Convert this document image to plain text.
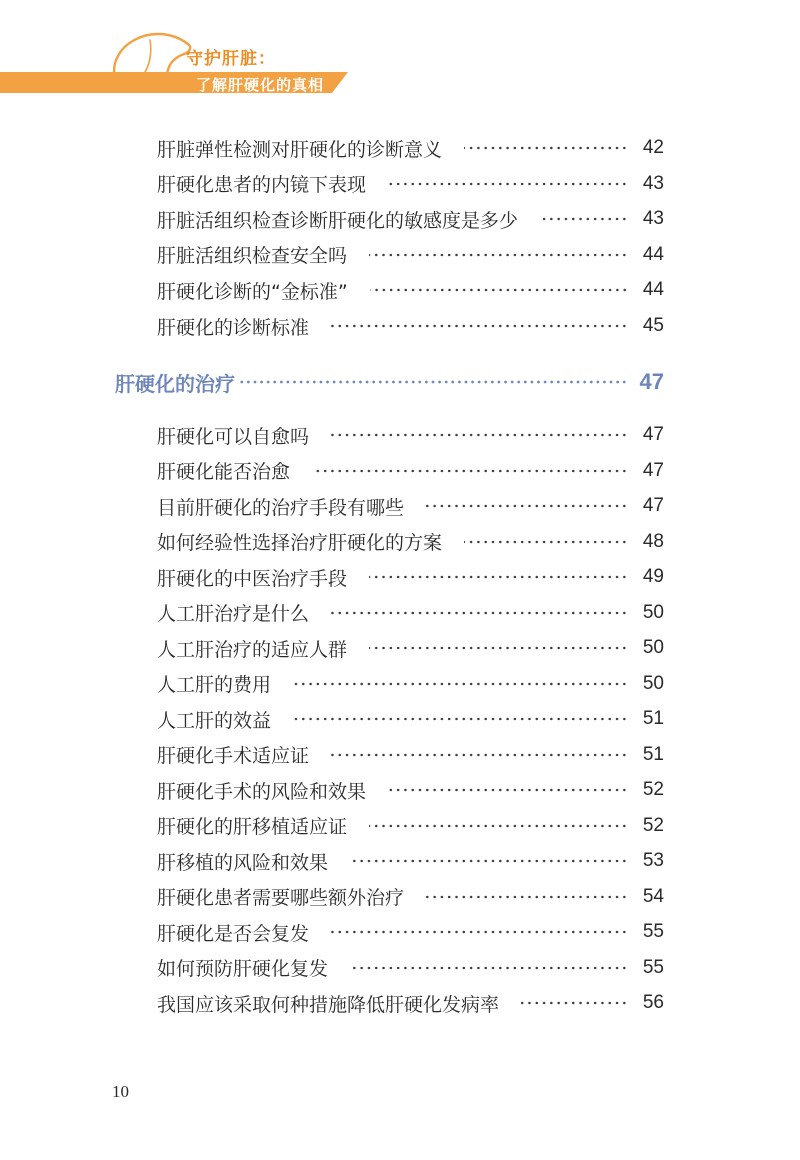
守护肝脏：
了解肝硬化的真相
肝脏弹性检测对肝硬化的诊断意义	42
肝硬化患者的内镜下表现	43
肝脏活组织检查诊断肝硬化的敏感度是多少	43
肝脏活组织检查安全吗	44
肝硬化诊断的“金标准”	44
肝硬化的诊断标准	45
肝硬化的治疗	47
肝硬化可以自愈吗	47
肝硬化能否治愈	47
目前肝硬化的治疗手段有哪些	47
如何经验性选择治疗肝硬化的方案	48
肝硬化的中医治疗手段	49
人工肝治疗是什么	50
人工肝治疗的适应人群	50
人工肝的费用	50
人工肝的效益	51
肝硬化手术适应证	51
肝硬化手术的风险和效果	52
肝硬化的肝移植适应证	52
肝移植的风险和效果	53
肝硬化患者需要哪些额外治疗	54
肝硬化是否会复发	55
如何预防肝硬化复发	55
我国应该采取何种措施降低肝硬化发病率	56
10
